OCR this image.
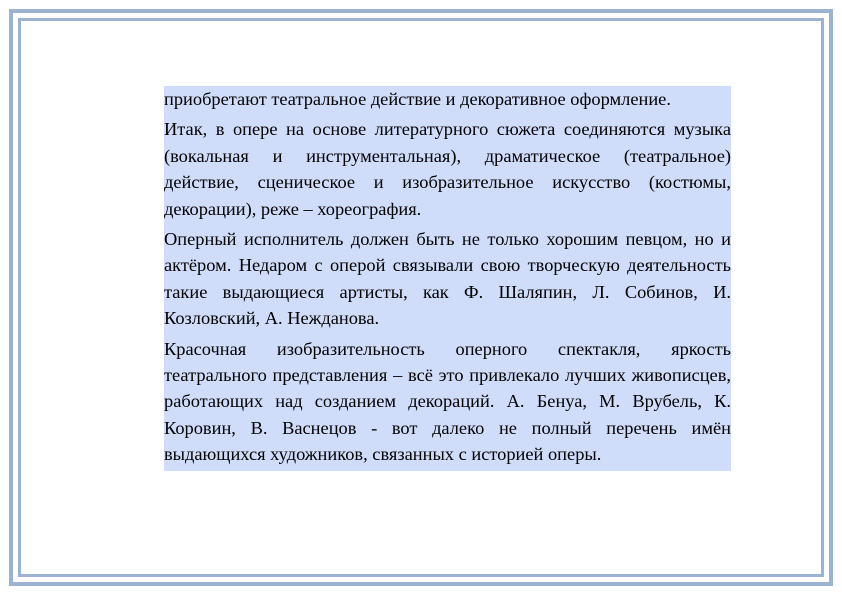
приобретают театральное действие и декоративное оформление.

Итак, в опере на основе литературного сюжета соединяются музыка (вокальная и инструментальная), драматическое (театральное) действие, сценическое и изобразительное искусство (костюмы, декорации), реже – хореография.

Оперный исполнитель должен быть не только хорошим певцом, но и актёром. Недаром с оперой связывали свою творческую деятельность такие выдающиеся артисты, как Ф. Шаляпин, Л. Собинов, И. Козловский, А. Нежданова.

Красочная изобразительность оперного спектакля, яркость театрального представления – всё это привлекало лучших живописцев, работающих над созданием декораций. А. Бенуа, М. Врубель, К. Коровин, В. Васнецов - вот далеко не полный перечень имён выдающихся художников, связанных с историей оперы.
